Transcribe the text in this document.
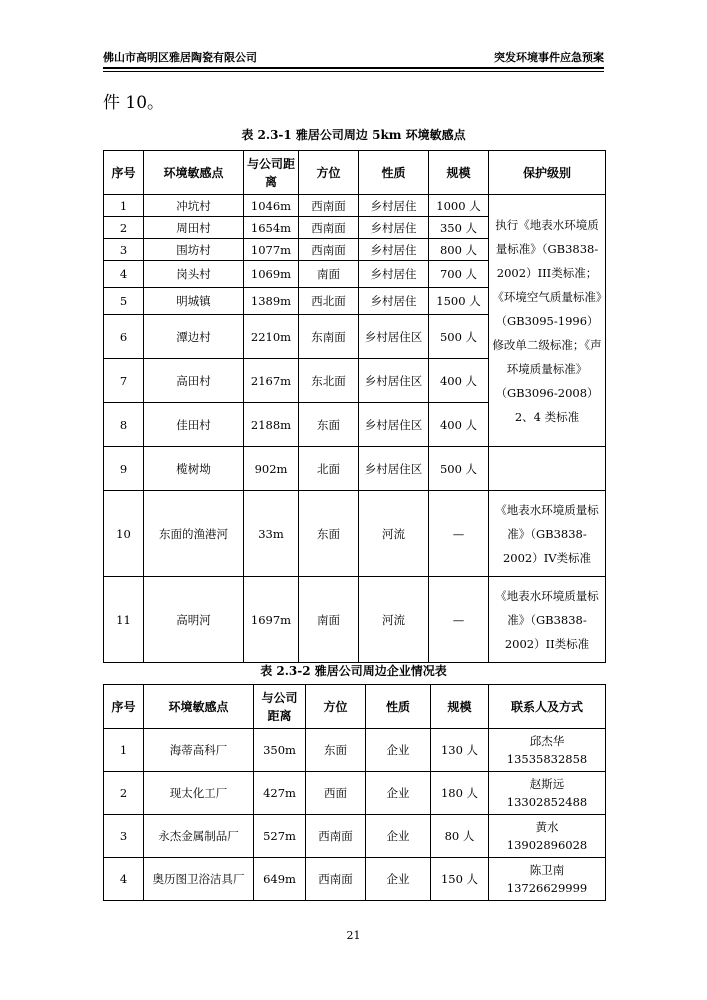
佛山市高明区雅居陶瓷有限公司	突发环境事件应急预案
件 10。
表 2.3-1 雅居公司周边 5km 环境敏感点
序号	环境敏感点	与公司距离	方位	性质	规模	保护级别
1	冲坑村	1046m	西南面	乡村居住	1000 人	执行《地表水环境质量标准》（GB3838-2002）III类标准；《环境空气质量标准》（GB3095-1996）修改单二级标准；《声环境质量标准》（GB3096-2008）2、4 类标准
2	周田村	1654m	西南面	乡村居住	350 人	
3	围坊村	1077m	西南面	乡村居住	800 人	
4	岗头村	1069m	南面	乡村居住	700 人	
5	明城镇	1389m	西北面	乡村居住	1500 人	
6	潭边村	2210m	东南面	乡村居住区	500 人	
7	高田村	2167m	东北面	乡村居住区	400 人	
8	佳田村	2188m	东面	乡村居住区	400 人	
9	榄树坳	902m	北面	乡村居住区	500 人	
10	东面的渔港河	33m	东面	河流	—	《地表水环境质量标准》（GB3838-2002）IV类标准
11	高明河	1697m	南面	河流	—	《地表水环境质量标准》（GB3838-2002）II类标准
表 2.3-2 雅居公司周边企业情况表
序号	环境敏感点	与公司距离	方位	性质	规模	联系人及方式
1	海蒂高科厂	350m	东面	企业	130 人	邱杰华
13535832858

2	现太化工厂	427m	西面	企业	180 人	赵斯远
13302852488

3	永杰金属制品厂	527m	西南面	企业	80 人	黄水
13902896028

4	奥历图卫浴洁具厂	649m	西南面	企业	150 人	陈卫南
13726629999
21
